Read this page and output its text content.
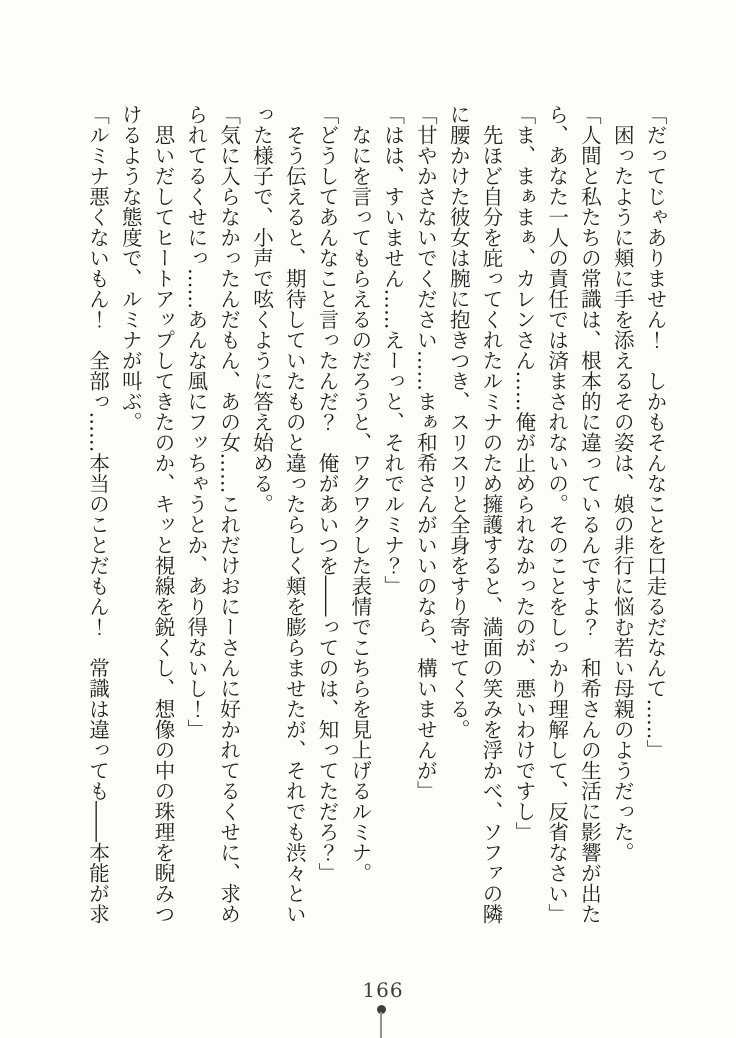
「だってじゃありません！　しかもそんなことを口走るだなんて……」

　困ったように頬に手を添えるその姿は、娘の非行に悩む若い母親のようだった。

「人間と私たちの常識は、根本的に違っているんですよ？　和希さんの生活に影響が出た

ら、あなた一人の責任では済まされないの。そのことをしっかり理解して、反省なさい」

「ま、まぁまぁ、カレンさん……俺が止められなかったのが、悪いわけですし」

　先ほど自分を庇ってくれたルミナのため擁護すると、満面の笑みを浮かべ、ソファの隣

に腰かけた彼女は腕に抱きつき、スリスリと全身をすり寄せてくる。

「甘やかさないでください……まぁ和希さんがいいのなら、構いませんが」

「はは、すいません……えーっと、それでルミナ？」

　なにを言ってもらえるのだろうと、ワクワクした表情でこちらを見上げるルミナ。

「どうしてあんなこと言ったんだ？　俺があいつを――ってのは、知ってただろ？」

　そう伝えると、期待していたものと違ったらしく頬を膨らませたが、それでも渋々とい

った様子で、小声で呟くように答え始める。

「気に入らなかったんだもん、あの女……これだけおにーさんに好かれてるくせに、求め

られてるくせにっ……あんな風にフッちゃうとか、あり得ないし！」

　思いだしてヒートアップしてきたのか、キッと視線を鋭くし、想像の中の珠理を睨みつ

けるような態度で、ルミナが叫ぶ。

「ルミナ悪くないもん！　全部っ……本当のことだもん！　常識は違っても――本能が求

166
